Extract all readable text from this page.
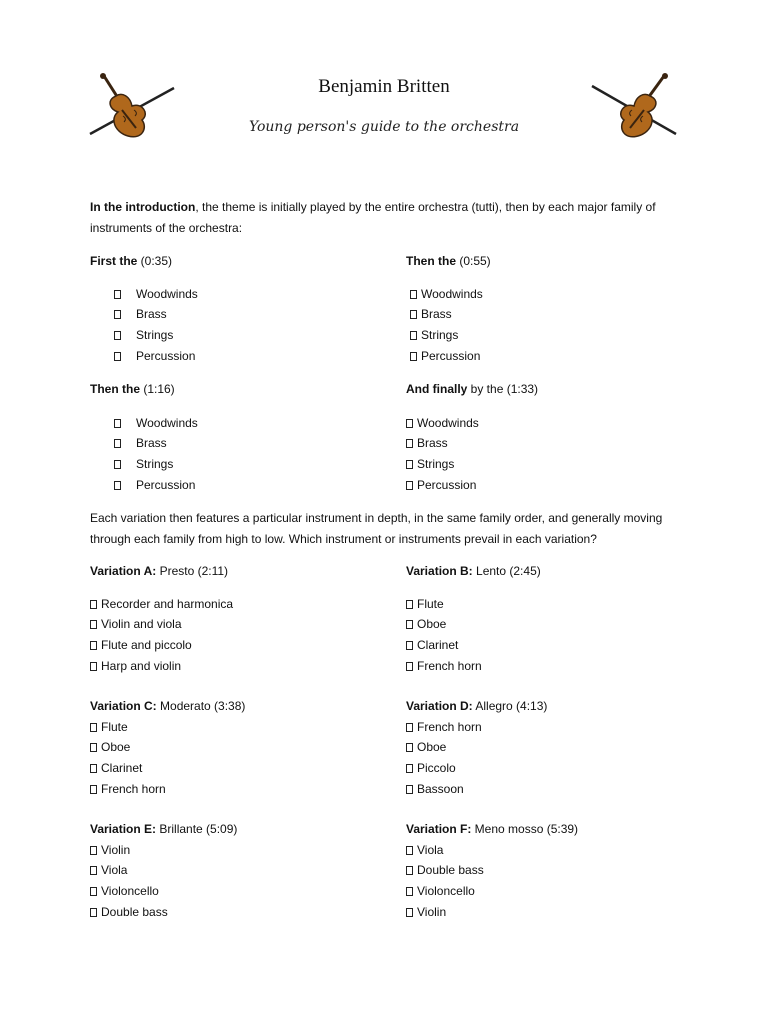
Benjamin Britten
Young person's guide to the orchestra
In the introduction, the theme is initially played by the entire orchestra (tutti), then by each major family of instruments of the orchestra:

First the (0:35)

Woodwinds
Brass
Strings
Percussion

Then the (0:55)

Woodwinds
Brass
Strings
Percussion

Then the (1:16)

Woodwinds
Brass
Strings
Percussion

And finally by the (1:33)

Woodwinds
Brass
Strings
Percussion
Each variation then features a particular instrument in depth, in the same family order, and generally moving through each family from high to low. Which instrument or instruments prevail in each variation?

Variation A: Presto (2:11)

Recorder and harmonica
Violin and viola
Flute and piccolo
Harp and violin

Variation B: Lento (2:45)

Flute
Oboe
Clarinet
French horn

Variation C: Moderato (3:38)

Flute
Oboe
Clarinet
French horn

Variation D: Allegro (4:13)

French horn
Oboe
Piccolo
Bassoon

Variation E: Brillante (5:09)

Violin
Viola
Violoncello
Double bass

Variation F: Meno mosso (5:39)

Viola
Double bass
Violoncello
Violin
